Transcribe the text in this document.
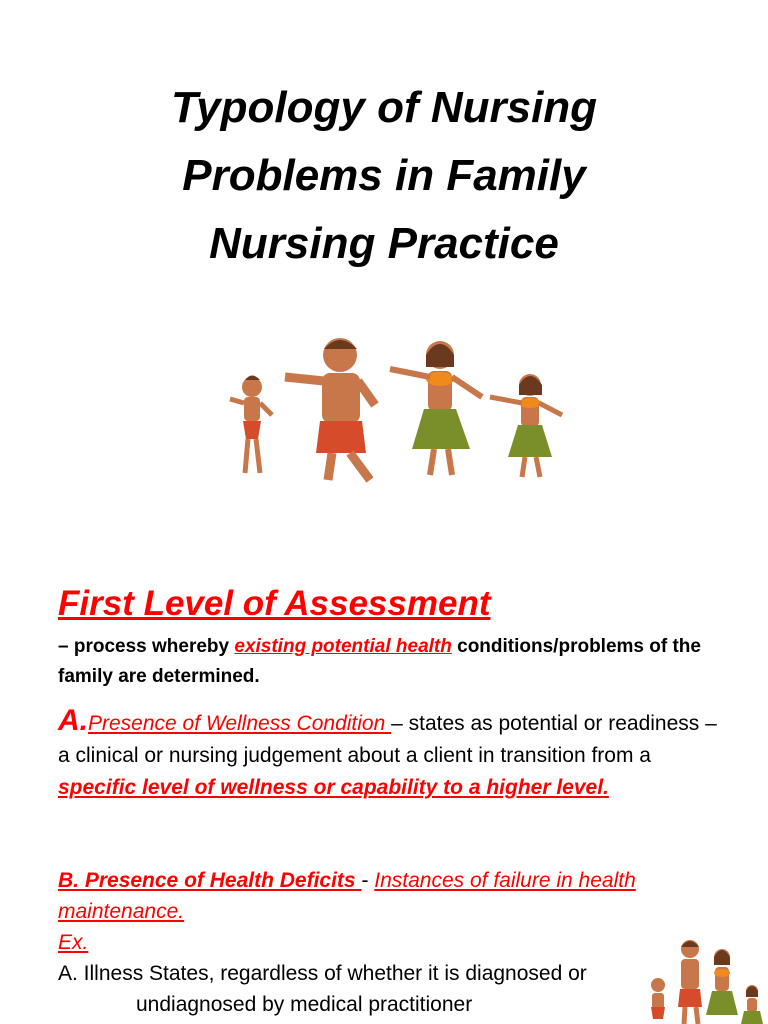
Typology of Nursing
Problems in Family
Nursing Practice
First Level of Assessment
– process whereby existing potential health conditions/problems of the family are determined.
A.Presence of Wellness Condition – states as potential or readiness – a clinical or nursing judgement about a client in transition from a specific level of wellness or capability to a higher level.
B. Presence of Health Deficits - Instances of failure in health maintenance.
Ex.
A. Illness States, regardless of whether it is diagnosed or
undiagnosed by medical practitioner
